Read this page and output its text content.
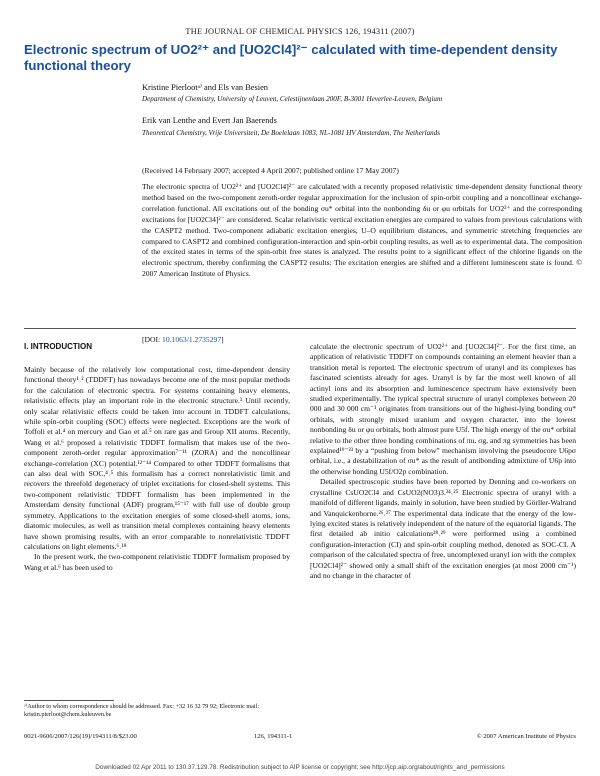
THE JOURNAL OF CHEMICAL PHYSICS 126, 194311 (2007)
Electronic spectrum of UO2²⁺ and [UO2Cl4]²⁻ calculated with time-dependent density functional theory
Kristine Pierlootᵃ⁾ and Els van Besien
Department of Chemistry, University of Leuven, Celestijnenlaan 200F, B-3001 Heverlee-Leuven, Belgium
Erik van Lenthe and Evert Jan Baerends
Theoretical Chemistry, Vrije Universiteit, De Boelelaan 1083, NL-1081 HV Amsterdam, The Netherlands
(Received 14 February 2007; accepted 4 April 2007; published online 17 May 2007)
The electronic spectra of UO2²⁺ and [UO2Cl4]²⁻ are calculated with a recently proposed relativistic time-dependent density functional theory method based on the two-component zeroth-order regular approximation for the inclusion of spin-orbit coupling and a noncollinear exchange-correlation functional. All excitations out of the bonding σu* orbital into the nonbonding δu or φu orbitals for UO2²⁺ and the corresponding excitations for [UO2Cl4]²⁻ are considered. Scalar relativistic vertical excitation energies are compared to values from previous calculations with the CASPT2 method. Two-component adiabatic excitation energies, U–O equilibrium distances, and symmetric stretching frequencies are compared to CASPT2 and combined configuration-interaction and spin-orbit coupling results, as well as to experimental data. The composition of the excited states in terms of the spin-orbit free states is analyzed. The results point to a significant effect of the chlorine ligands on the electronic spectrum, thereby confirming the CASPT2 results: The excitation energies are shifted and a different luminescent state is found. © 2007 American Institute of Physics.
[DOI: 10.1063/1.2735297]
I. INTRODUCTION

Mainly because of the relatively low computational cost, time-dependent density functional theory¹˒² (TDDFT) has nowadays become one of the most popular methods for the calculation of electronic spectra. For systems containing heavy elements, relativistic effects play an important role in the electronic structure.³ Until recently, only scalar relativistic effects could be taken into account in TDDFT calculations, while spin-orbit coupling (SOC) effects were neglected. Exceptions are the work of Toffoli et al.⁴ on mercury and Gao et al.⁵ on rare gas and Group XII atoms. Recently, Wang et al.⁶ proposed a relativistic TDDFT formalism that makes use of the two-component zeroth-order regular approximation⁷⁻¹¹ (ZORA) and the noncollinear exchange-correlation (XC) potential.¹²⁻¹⁴ Compared to other TDDFT formalisms that can also deal with SOC,⁴˒⁵ this formalism has a correct nonrelativistic limit and recovers the threefold degeneracy of triplet excitations for closed-shell systems. This two-component relativistic TDDFT formalism has been implemented in the Amsterdam density functional (ADF) program,¹⁵⁻¹⁷ with full use of double group symmetry. Applications to the excitation energies of some closed-shell atoms, ions, diatomic molecules, as well as transition metal complexes containing heavy elements have shown promising results, with an error comparable to nonrelativistic TDDFT calculations on light elements.⁶˒¹⁸

In the present work, the two-component relativistic TDDFT formalism proposed by Wang et al.⁶ has been used to

calculate the electronic spectrum of UO2²⁺ and [UO2Cl4]²⁻. For the first time, an application of relativistic TDDFT on compounds containing an element heavier than a transition metal is reported. The electronic spectrum of uranyl and its complexes has fascinated scientists already for ages. Uranyl is by far the most well known of all actinyl ions and its absorption and luminescence spectrum have extensively been studied experimentally. The typical spectral structure of uranyl complexes between 20 000 and 30 000 cm⁻¹ originates from transitions out of the highest-lying bonding σu* orbitals, with strongly mixed uranium and oxygen character, into the lowest nonbonding δu or φu orbitals, both almost pure U5f. The high energy of the σu* orbital relative to the other three bonding combinations of πu, σg, and πg symmetries has been explained¹⁹⁻²³ by a “pushing from below” mechanism involving the pseudocore U6pσ orbital, i.e., a destabilization of σu* as the result of antibonding admixture of U6p into the otherwise bonding U5f/O2p combination.

Detailed spectroscopic studies have been reported by Denning and co-workers on crystalline CsUO2Cl4 and CsUO2(NO3)3.²⁴˒²⁵ Electronic spectra of uranyl with a manifold of different ligands, mainly in solution, have been studied by Görller-Walrand and Vanquickenborne.²⁶˒²⁷ The experimental data indicate that the energy of the low-lying excited states is relatively independent of the nature of the equatorial ligands. The first detailed ab initio calculations²⁸˒²⁹ were performed using a combined configuration-interaction (CI) and spin-orbit coupling method, denoted as SOC-CI. A comparison of the calculated spectra of free, uncomplexed uranyl ion with the complex [UO2Cl4]²⁻ showed only a small shift of the excitation energies (at most 2000 cm⁻¹) and no change in the character of

ᵃ⁾Author to whom correspondence should be addressed. Fax: +32 16 32 79 92; Electronic mail: kristin.pierloot@chem.kuleuven.be
0021-9606/2007/126(19)/194311/8/$23.00	126, 194311-1	© 2007 American Institute of Physics
Downloaded 02 Apr 2011 to 130.37.129.78. Redistribution subject to AIP license or copyright; see http://jcp.aip.org/about/rights_and_permissions
